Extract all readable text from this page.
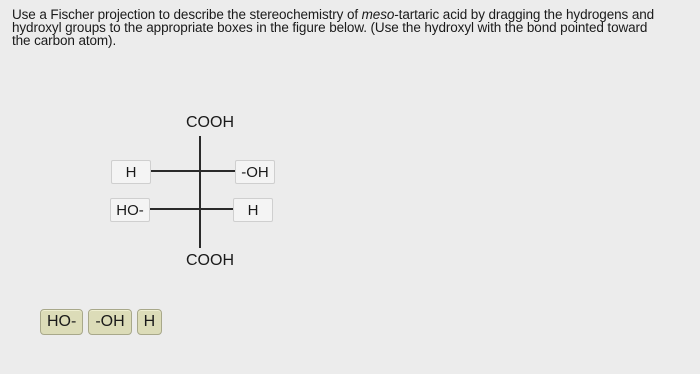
Use a Fischer projection to describe the stereochemistry of meso-tartaric acid by dragging the hydrogens and
hydroxyl groups to the appropriate boxes in the figure below. (Use the hydroxyl with the bond pointed toward
the carbon atom).
COOH
COOH
H	-OH
HO-	H
HO- -OH H
